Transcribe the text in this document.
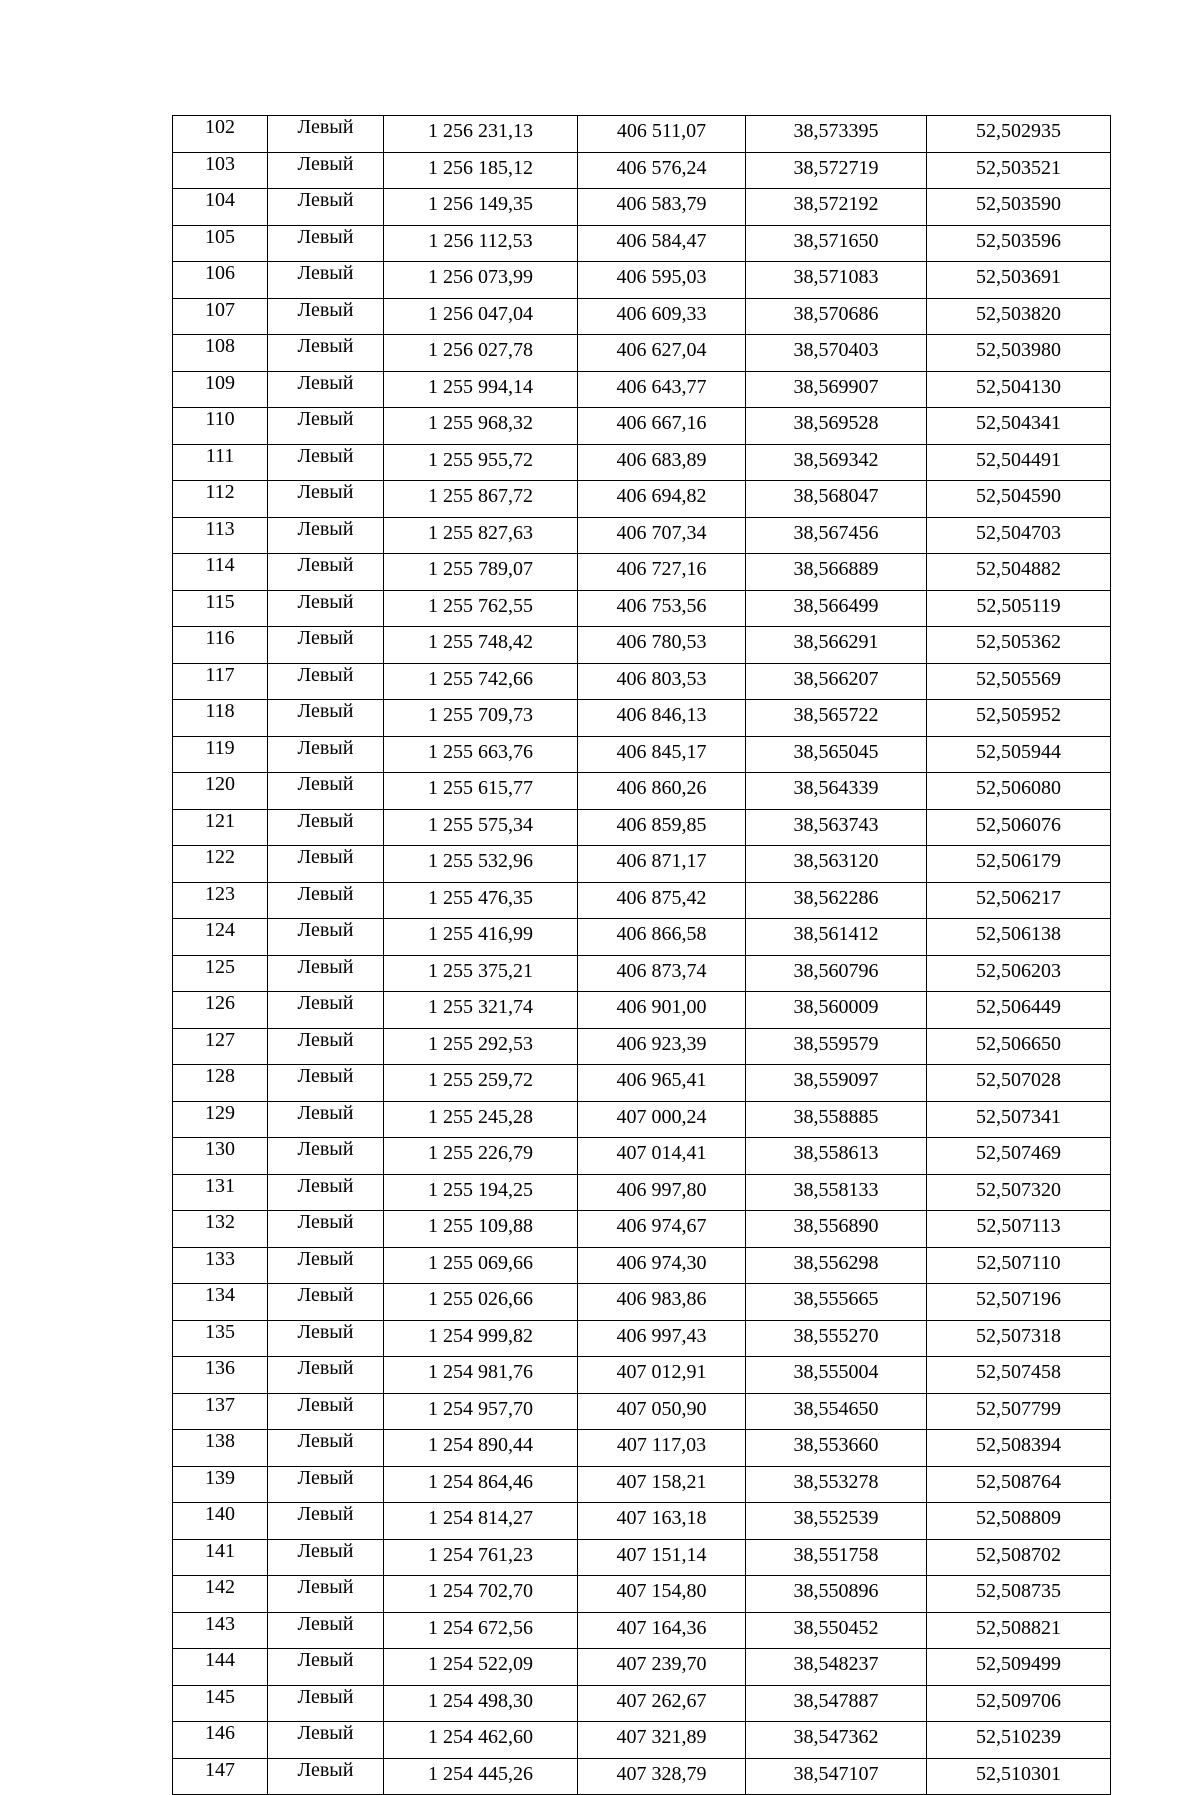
102	Левый	1 256 231,13	406 511,07	38,573395	52,502935
103	Левый	1 256 185,12	406 576,24	38,572719	52,503521
104	Левый	1 256 149,35	406 583,79	38,572192	52,503590
105	Левый	1 256 112,53	406 584,47	38,571650	52,503596
106	Левый	1 256 073,99	406 595,03	38,571083	52,503691
107	Левый	1 256 047,04	406 609,33	38,570686	52,503820
108	Левый	1 256 027,78	406 627,04	38,570403	52,503980
109	Левый	1 255 994,14	406 643,77	38,569907	52,504130
110	Левый	1 255 968,32	406 667,16	38,569528	52,504341
111	Левый	1 255 955,72	406 683,89	38,569342	52,504491
112	Левый	1 255 867,72	406 694,82	38,568047	52,504590
113	Левый	1 255 827,63	406 707,34	38,567456	52,504703
114	Левый	1 255 789,07	406 727,16	38,566889	52,504882
115	Левый	1 255 762,55	406 753,56	38,566499	52,505119
116	Левый	1 255 748,42	406 780,53	38,566291	52,505362
117	Левый	1 255 742,66	406 803,53	38,566207	52,505569
118	Левый	1 255 709,73	406 846,13	38,565722	52,505952
119	Левый	1 255 663,76	406 845,17	38,565045	52,505944
120	Левый	1 255 615,77	406 860,26	38,564339	52,506080
121	Левый	1 255 575,34	406 859,85	38,563743	52,506076
122	Левый	1 255 532,96	406 871,17	38,563120	52,506179
123	Левый	1 255 476,35	406 875,42	38,562286	52,506217
124	Левый	1 255 416,99	406 866,58	38,561412	52,506138
125	Левый	1 255 375,21	406 873,74	38,560796	52,506203
126	Левый	1 255 321,74	406 901,00	38,560009	52,506449
127	Левый	1 255 292,53	406 923,39	38,559579	52,506650
128	Левый	1 255 259,72	406 965,41	38,559097	52,507028
129	Левый	1 255 245,28	407 000,24	38,558885	52,507341
130	Левый	1 255 226,79	407 014,41	38,558613	52,507469
131	Левый	1 255 194,25	406 997,80	38,558133	52,507320
132	Левый	1 255 109,88	406 974,67	38,556890	52,507113
133	Левый	1 255 069,66	406 974,30	38,556298	52,507110
134	Левый	1 255 026,66	406 983,86	38,555665	52,507196
135	Левый	1 254 999,82	406 997,43	38,555270	52,507318
136	Левый	1 254 981,76	407 012,91	38,555004	52,507458
137	Левый	1 254 957,70	407 050,90	38,554650	52,507799
138	Левый	1 254 890,44	407 117,03	38,553660	52,508394
139	Левый	1 254 864,46	407 158,21	38,553278	52,508764
140	Левый	1 254 814,27	407 163,18	38,552539	52,508809
141	Левый	1 254 761,23	407 151,14	38,551758	52,508702
142	Левый	1 254 702,70	407 154,80	38,550896	52,508735
143	Левый	1 254 672,56	407 164,36	38,550452	52,508821
144	Левый	1 254 522,09	407 239,70	38,548237	52,509499
145	Левый	1 254 498,30	407 262,67	38,547887	52,509706
146	Левый	1 254 462,60	407 321,89	38,547362	52,510239
147	Левый	1 254 445,26	407 328,79	38,547107	52,510301
